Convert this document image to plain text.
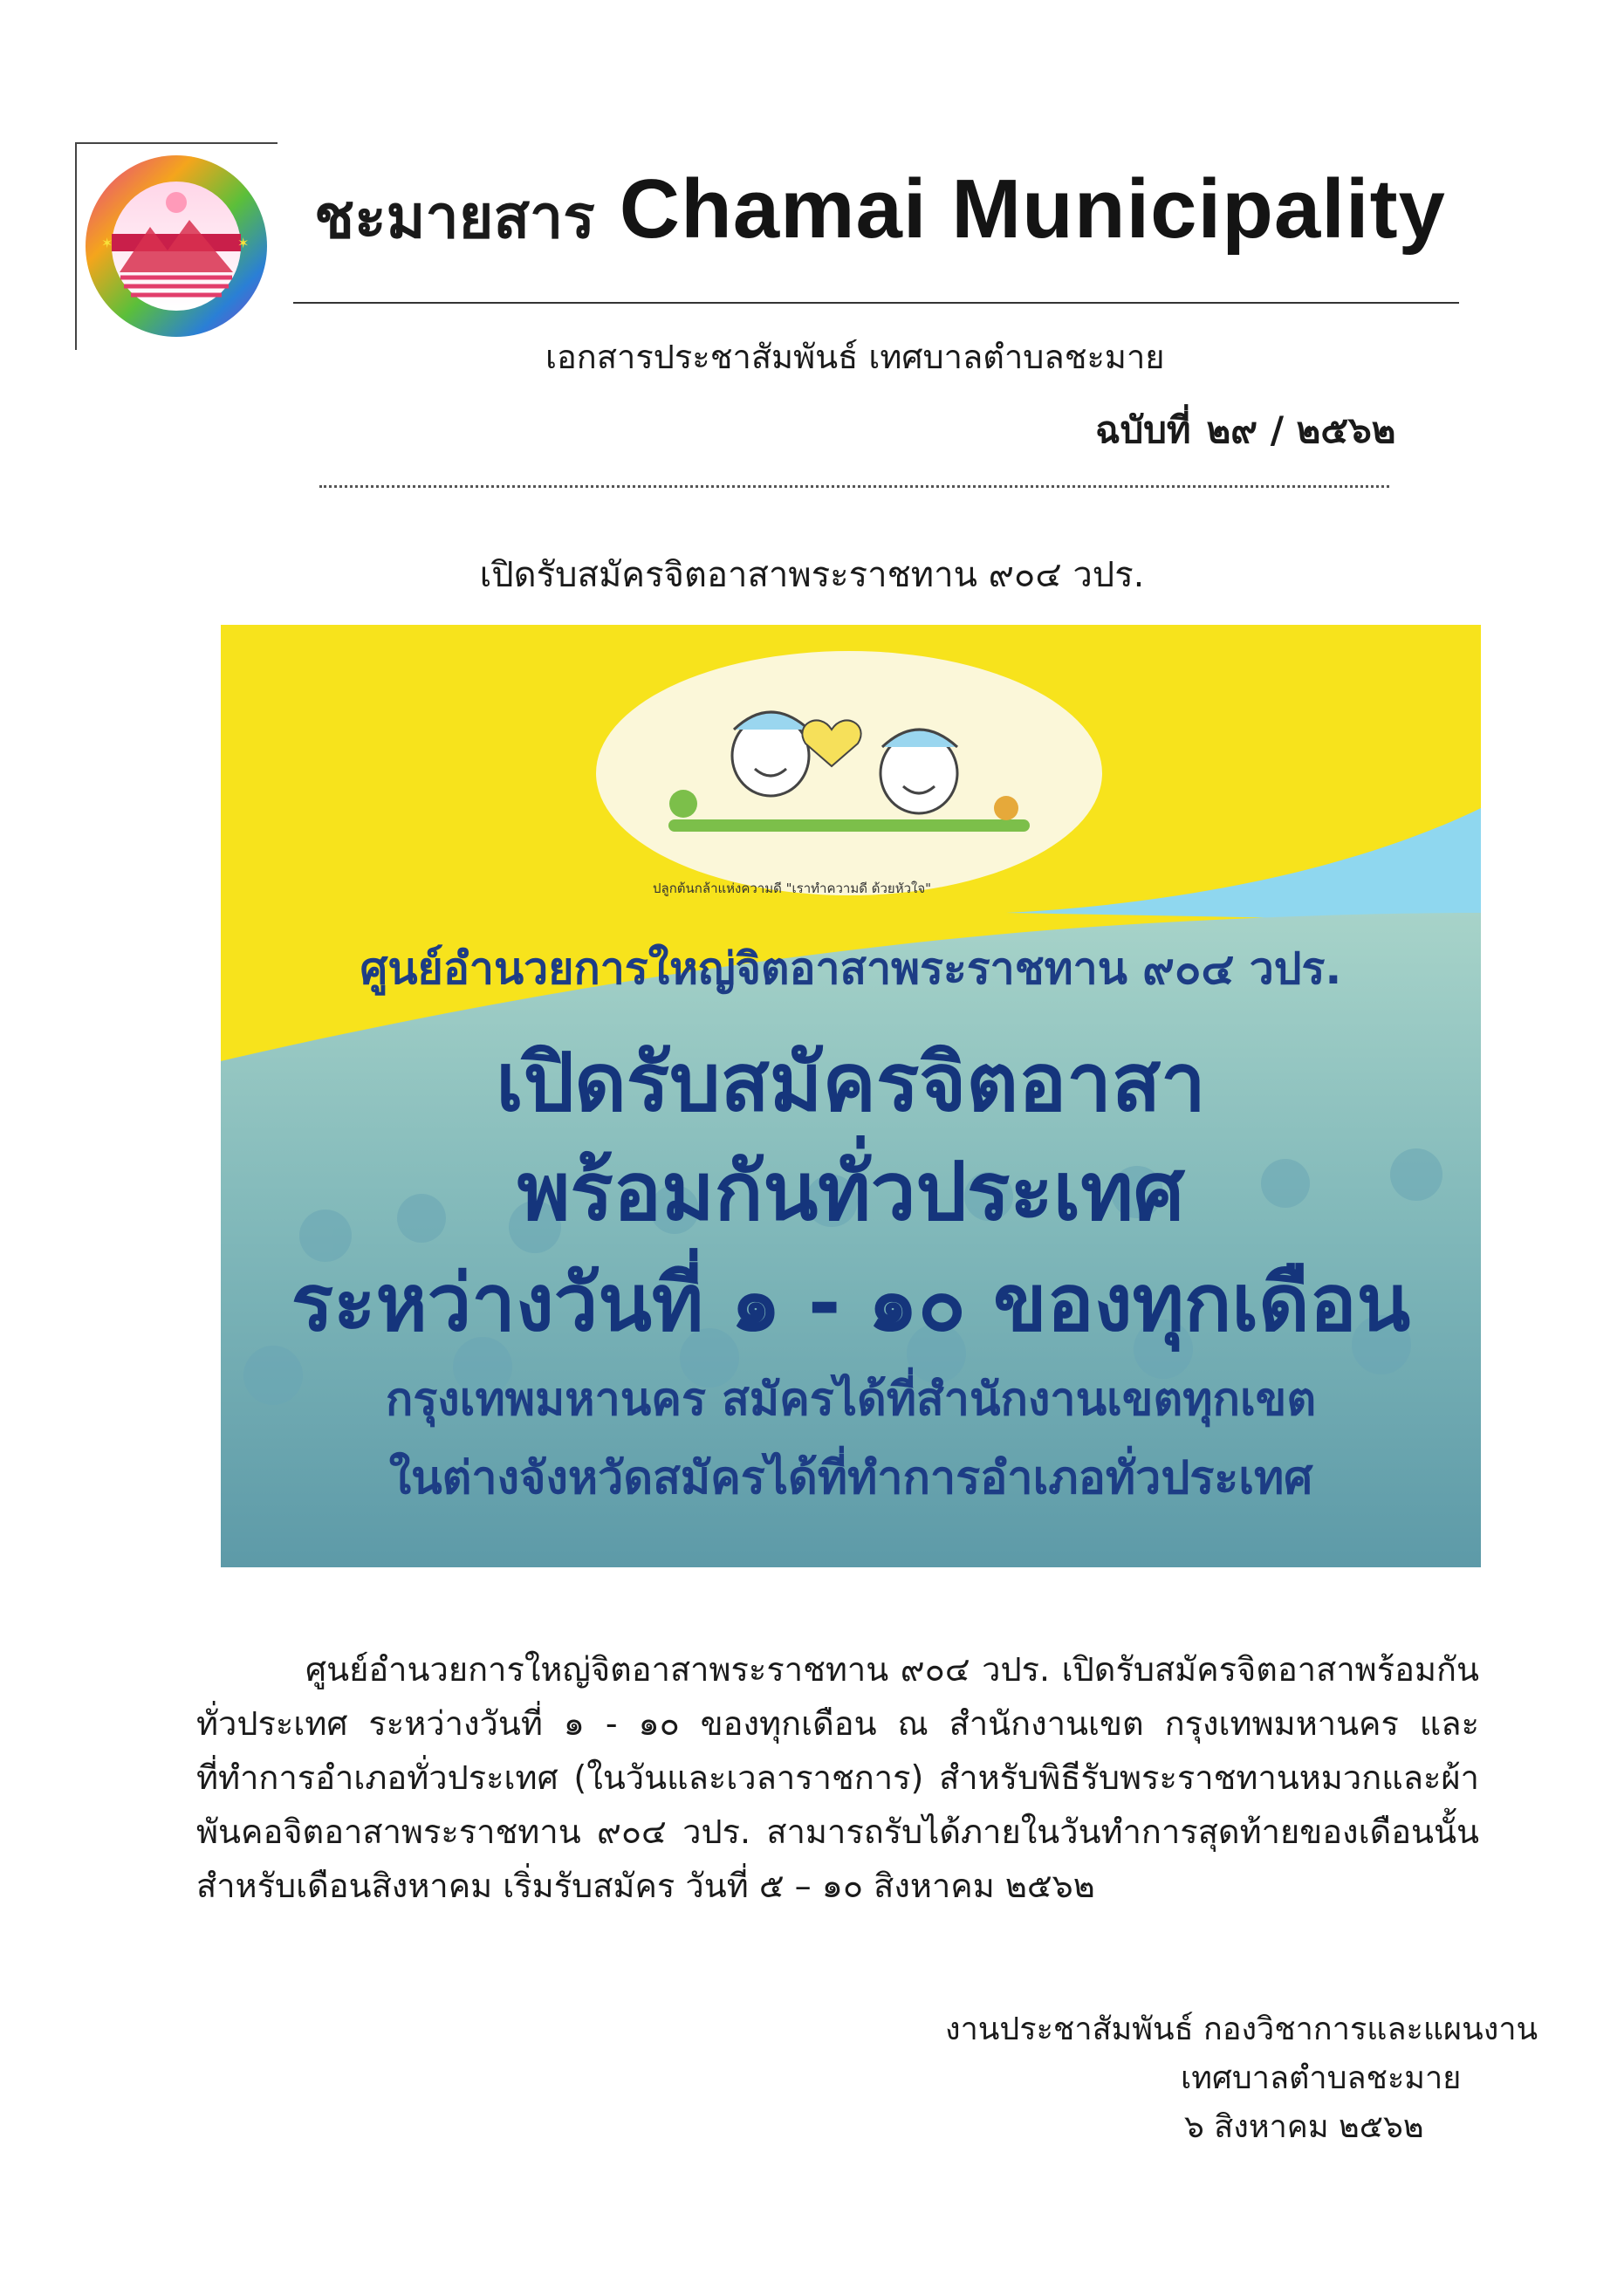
✶	✶ ชะมายสาร Chamai Municipality
เอกสารประชาสัมพันธ์ เทศบาลตำบลชะมาย
ฉบับที่ ๒๙ / ๒๕๖๒
เปิดรับสมัครจิตอาสาพระราชทาน ๙๐๔ วปร.
ปลูกต้นกล้าแห่งความดี "เราทำความดี ด้วยหัวใจ"
ศูนย์อำนวยการใหญ่จิตอาสาพระราชทาน ๙๐๔ วปร.
เปิดรับสมัครจิตอาสา
พร้อมกันทั่วประเทศ
ระหว่างวันที่ ๑ - ๑๐ ของทุกเดือน
กรุงเทพมหานคร สมัครได้ที่สำนักงานเขตทุกเขต
ในต่างจังหวัดสมัครได้ที่ทำการอำเภอทั่วประเทศ

ศูนย์อำนวยการใหญ่จิตอาสาพระราชทาน ๙๐๔ วปร. เปิดรับสมัครจิตอาสาพร้อมกันทั่วประเทศ ระหว่างวันที่ ๑ - ๑๐ ของทุกเดือน ณ สำนักงานเขต กรุงเทพมหานคร และที่ทำการอำเภอทั่วประเทศ (ในวันและเวลาราชการ) สำหรับพิธีรับพระราชทานหมวกและผ้าพันคอจิตอาสาพระราชทาน ๙๐๔ วปร. สามารถรับได้ภายในวันทำการสุดท้ายของเดือนนั้น สำหรับเดือนสิงหาคม เริ่มรับสมัคร วันที่ ๕ – ๑๐ สิงหาคม ๒๕๖๒

งานประชาสัมพันธ์ กองวิชาการและแผนงาน
เทศบาลตำบลชะมาย
๖ สิงหาคม ๒๕๖๒
